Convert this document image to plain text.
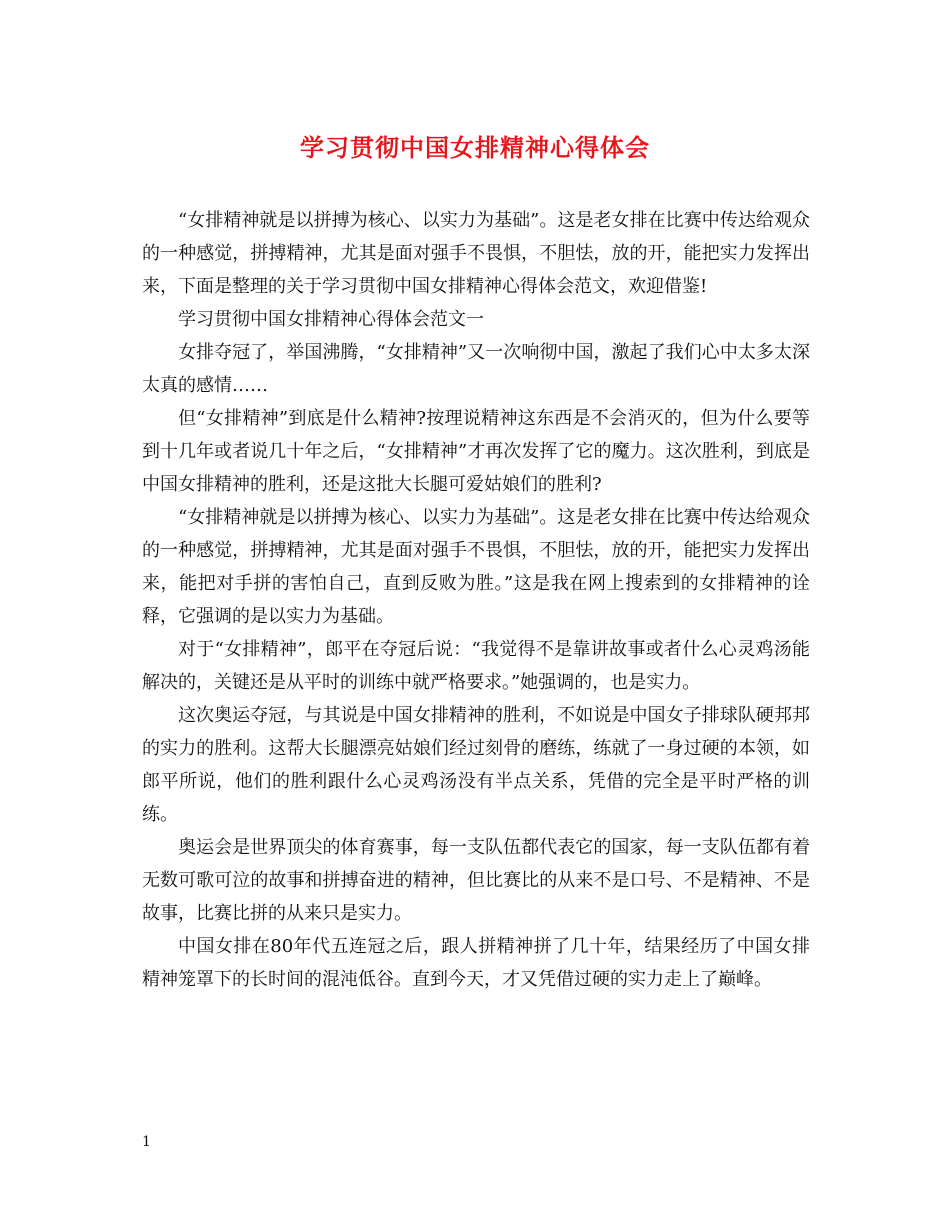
学习贯彻中国女排精神心得体会

“女排精神就是以拼搏为核心、以实力为基础”。这是老女排在比赛中传达给观众的一种感觉，拼搏精神，尤其是面对强手不畏惧，不胆怯，放的开，能把实力发挥出来，下面是整理的关于学习贯彻中国女排精神心得体会范文，欢迎借鉴!

学习贯彻中国女排精神心得体会范文一

女排夺冠了，举国沸腾，“女排精神”又一次响彻中国，激起了我们心中太多太深太真的感情……

但“女排精神”到底是什么精神?按理说精神这东西是不会消灭的，但为什么要等到十几年或者说几十年之后，“女排精神”才再次发挥了它的魔力。这次胜利，到底是中国女排精神的胜利，还是这批大长腿可爱姑娘们的胜利?

“女排精神就是以拼搏为核心、以实力为基础”。这是老女排在比赛中传达给观众的一种感觉，拼搏精神，尤其是面对强手不畏惧，不胆怯，放的开，能把实力发挥出来，能把对手拼的害怕自己，直到反败为胜。”这是我在网上搜索到的女排精神的诠释，它强调的是以实力为基础。

对于“女排精神”，郎平在夺冠后说：“我觉得不是靠讲故事或者什么心灵鸡汤能解决的，关键还是从平时的训练中就严格要求。”她强调的，也是实力。

这次奥运夺冠，与其说是中国女排精神的胜利，不如说是中国女子排球队硬邦邦的实力的胜利。这帮大长腿漂亮姑娘们经过刻骨的磨练，练就了一身过硬的本领，如郎平所说，他们的胜利跟什么心灵鸡汤没有半点关系，凭借的完全是平时严格的训练。

奥运会是世界顶尖的体育赛事，每一支队伍都代表它的国家，每一支队伍都有着无数可歌可泣的故事和拼搏奋进的精神，但比赛比的从来不是口号、不是精神、不是故事，比赛比拼的从来只是实力。

中国女排在80年代五连冠之后，跟人拼精神拼了几十年，结果经历了中国女排精神笼罩下的长时间的混沌低谷。直到今天，才又凭借过硬的实力走上了巅峰。

1
